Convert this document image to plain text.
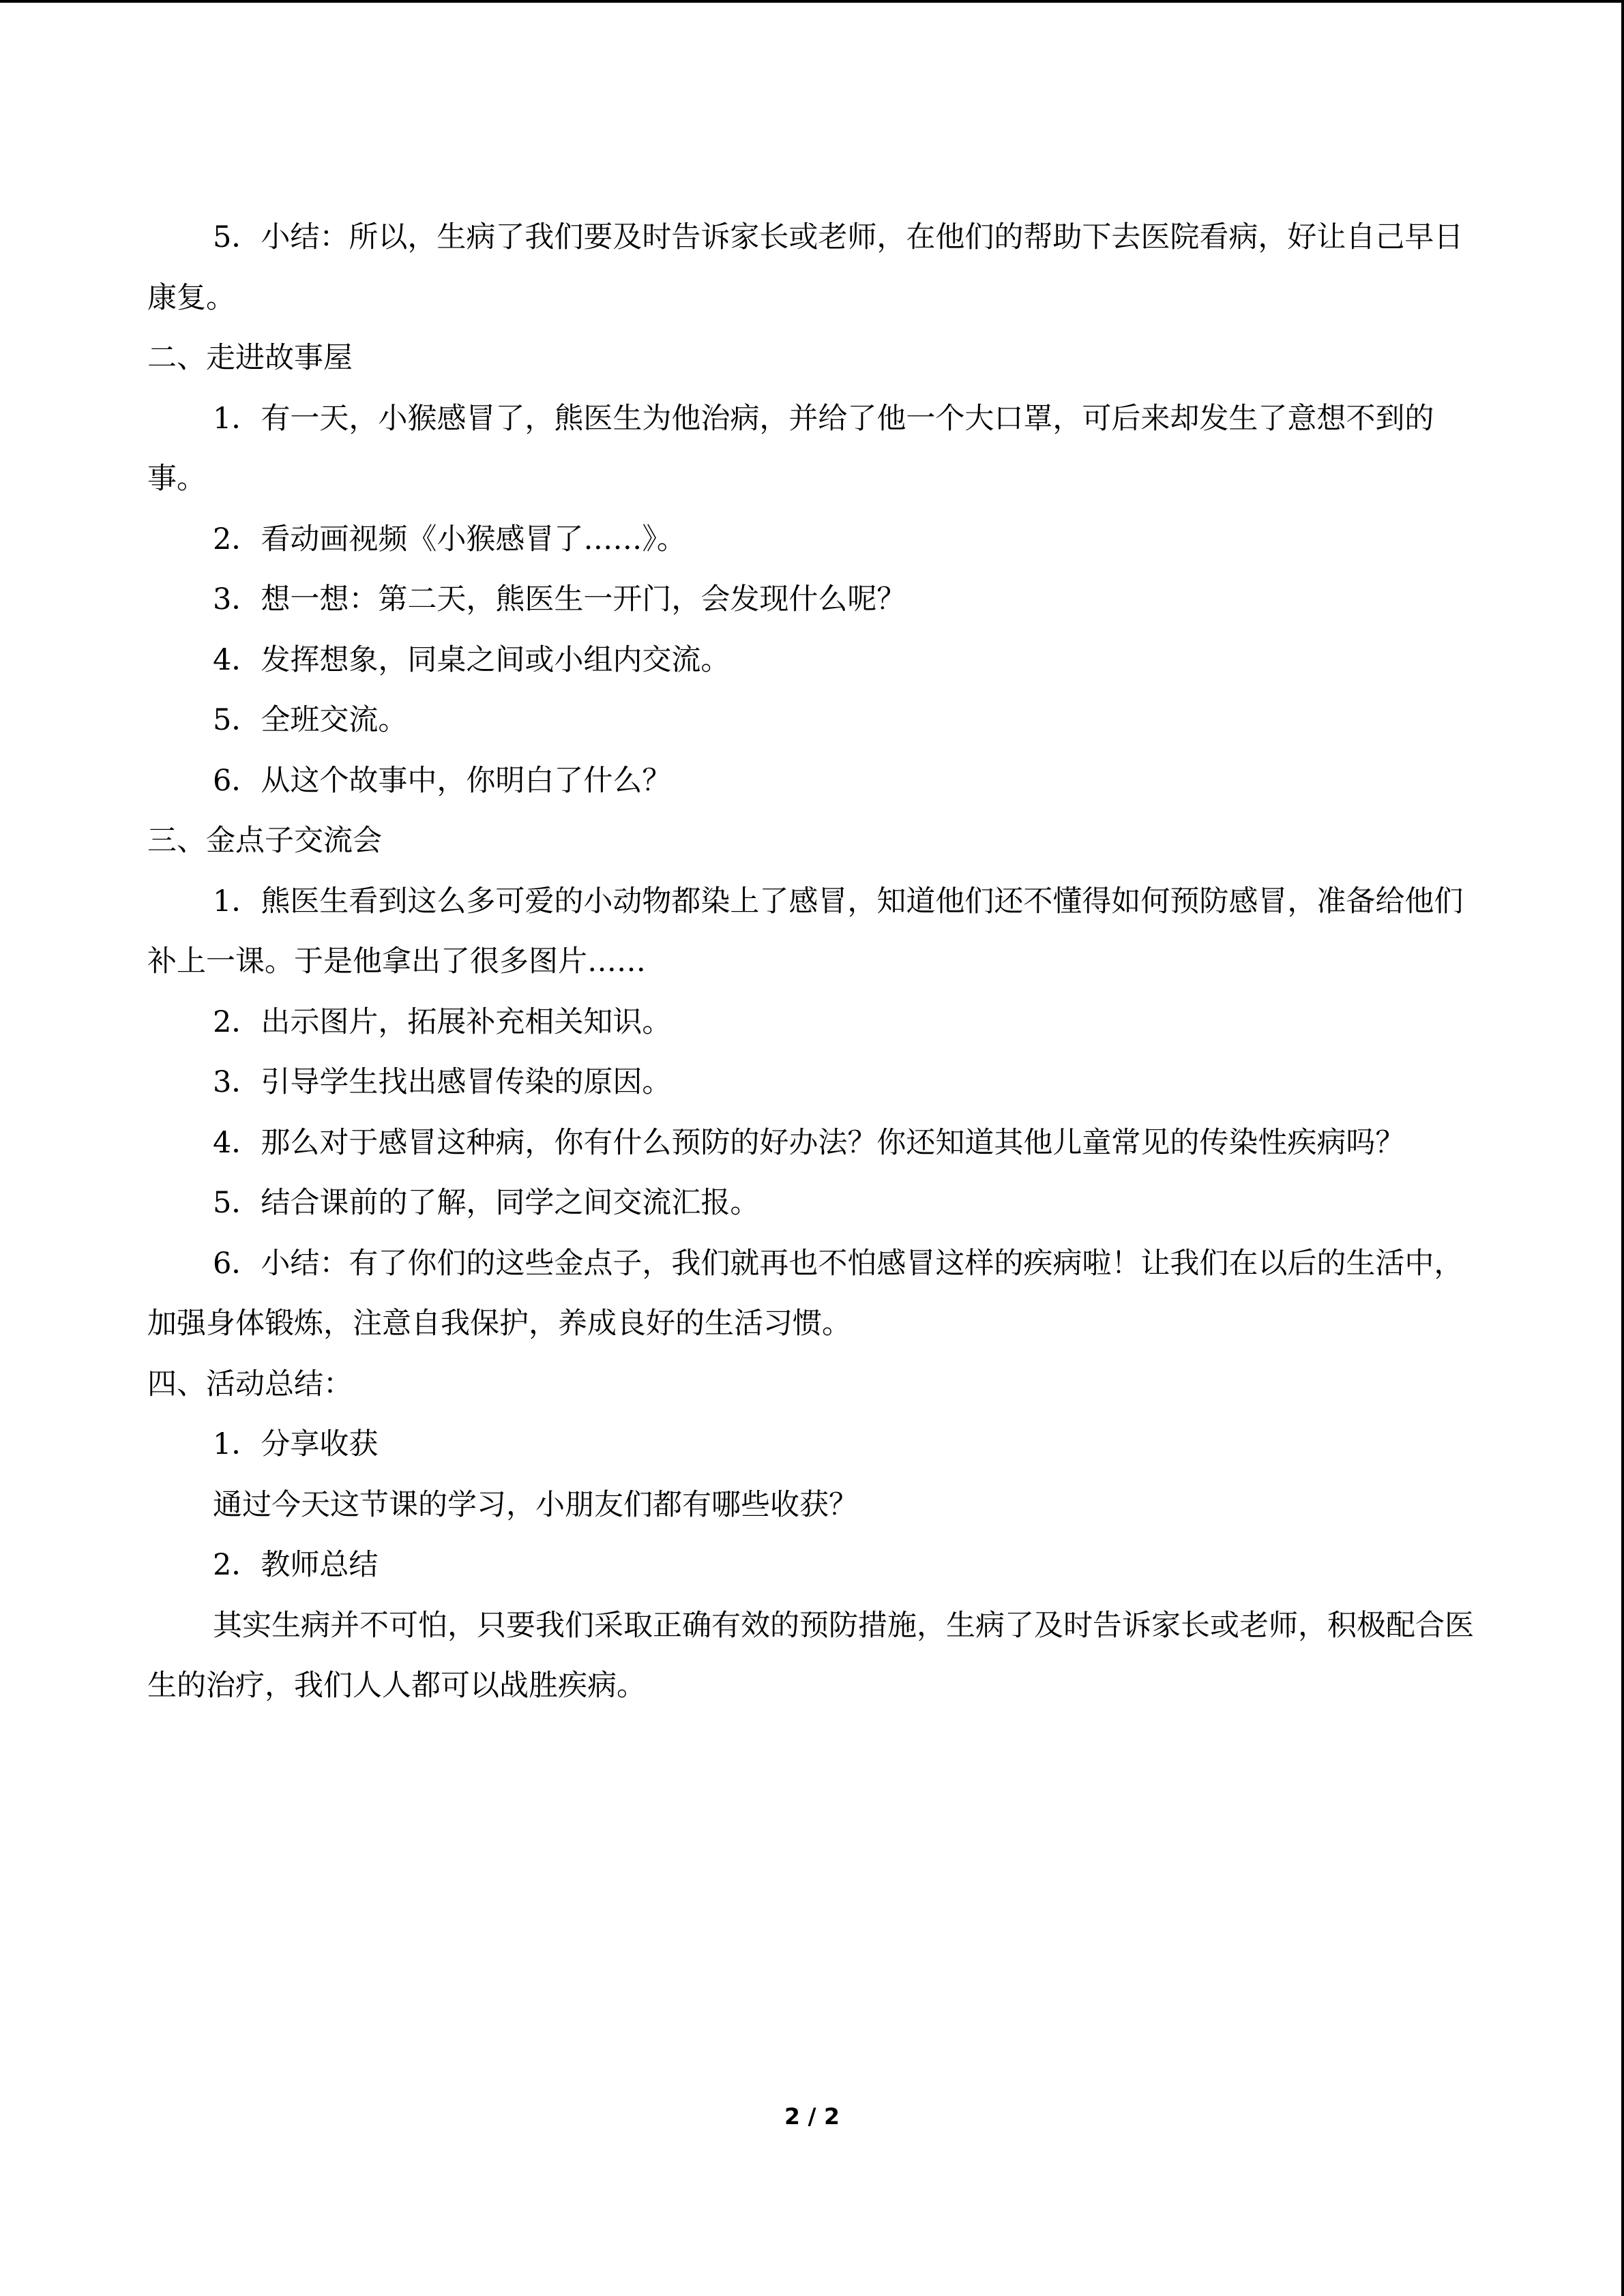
5．小结：所以，生病了我们要及时告诉家长或老师，在他们的帮助下去医院看病，好让自己早日康复。

二、走进故事屋

1．有一天，小猴感冒了，熊医生为他治病，并给了他一个大口罩，可后来却发生了意想不到的事。

2．看动画视频《小猴感冒了……》。

3．想一想：第二天，熊医生一开门，会发现什么呢？

4．发挥想象，同桌之间或小组内交流。

5．全班交流。

6．从这个故事中，你明白了什么？

三、金点子交流会

1．熊医生看到这么多可爱的小动物都染上了感冒，知道他们还不懂得如何预防感冒，准备给他们补上一课。于是他拿出了很多图片……

2．出示图片，拓展补充相关知识。

3．引导学生找出感冒传染的原因。

4．那么对于感冒这种病，你有什么预防的好办法？你还知道其他儿童常见的传染性疾病吗？

5．结合课前的了解，同学之间交流汇报。

6．小结：有了你们的这些金点子，我们就再也不怕感冒这样的疾病啦！让我们在以后的生活中，加强身体锻炼，注意自我保护，养成良好的生活习惯。

四、活动总结：

1．分享收获

通过今天这节课的学习，小朋友们都有哪些收获？

2．教师总结

其实生病并不可怕，只要我们采取正确有效的预防措施，生病了及时告诉家长或老师，积极配合医生的治疗，我们人人都可以战胜疾病。

2 / 2
